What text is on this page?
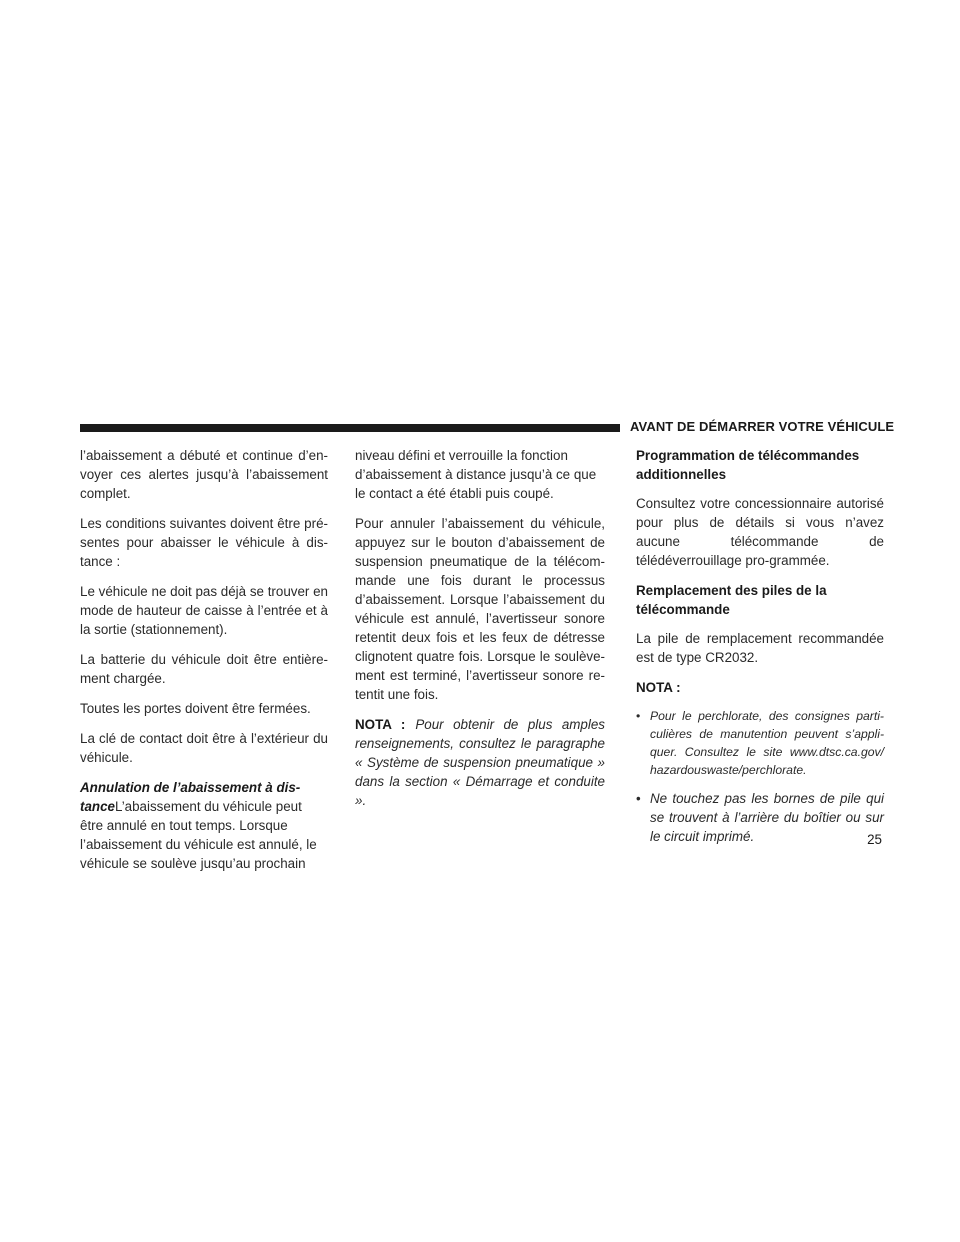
AVANT DE DÉMARRER VOTRE VÉHICULE

l’abaissement a débuté et continue d’en-voyer ces alertes jusqu’à l’abaissement complet.

Les conditions suivantes doivent être pré-sentes pour abaisser le véhicule à dis-tance :

Le véhicule ne doit pas déjà se trouver en mode de hauteur de caisse à l’entrée et à la sortie (stationnement).

La batterie du véhicule doit être entière-ment chargée.

Toutes les portes doivent être fermées.

La clé de contact doit être à l’extérieur du véhicule.

Annulation de l’abaissement à dis-tanceL’abaissement du véhicule peut être annulé en tout temps. Lorsque l’abaissement du véhicule est annulé, le véhicule se soulève jusqu’au prochain

niveau défini et verrouille la fonction d’abaissement à distance jusqu’à ce que le contact a été établi puis coupé.

Pour annuler l’abaissement du véhicule, appuyez sur le bouton d’abaissement de suspension pneumatique de la télécom-mande une fois durant le processus d’abaissement. Lorsque l’abaissement du véhicule est annulé, l’avertisseur sonore retentit deux fois et les feux de détresse clignotent quatre fois. Lorsque le soulève-ment est terminé, l’avertisseur sonore re-tentit une fois.

NOTA : Pour obtenir de plus amples renseignements, consultez le paragraphe « Système de suspension pneumatique » dans la section « Démarrage et conduite ».

Programmation de télécommandes additionnelles

Consultez votre concessionnaire autorisé pour plus de détails si vous n’avez aucune télécommande de télédéverrouillage pro-grammée.

Remplacement des piles de la télécommande

La pile de remplacement recommandée est de type CR2032.

NOTA :

• Pour le perchlorate, des consignes parti-culières de manutention peuvent s’appli-quer. Consultez le site www.dtsc.ca.gov/ hazardouswaste/perchlorate.
• Ne touchez pas les bornes de pile qui se trouvent à l’arrière du boîtier ou sur le circuit imprimé.	25
